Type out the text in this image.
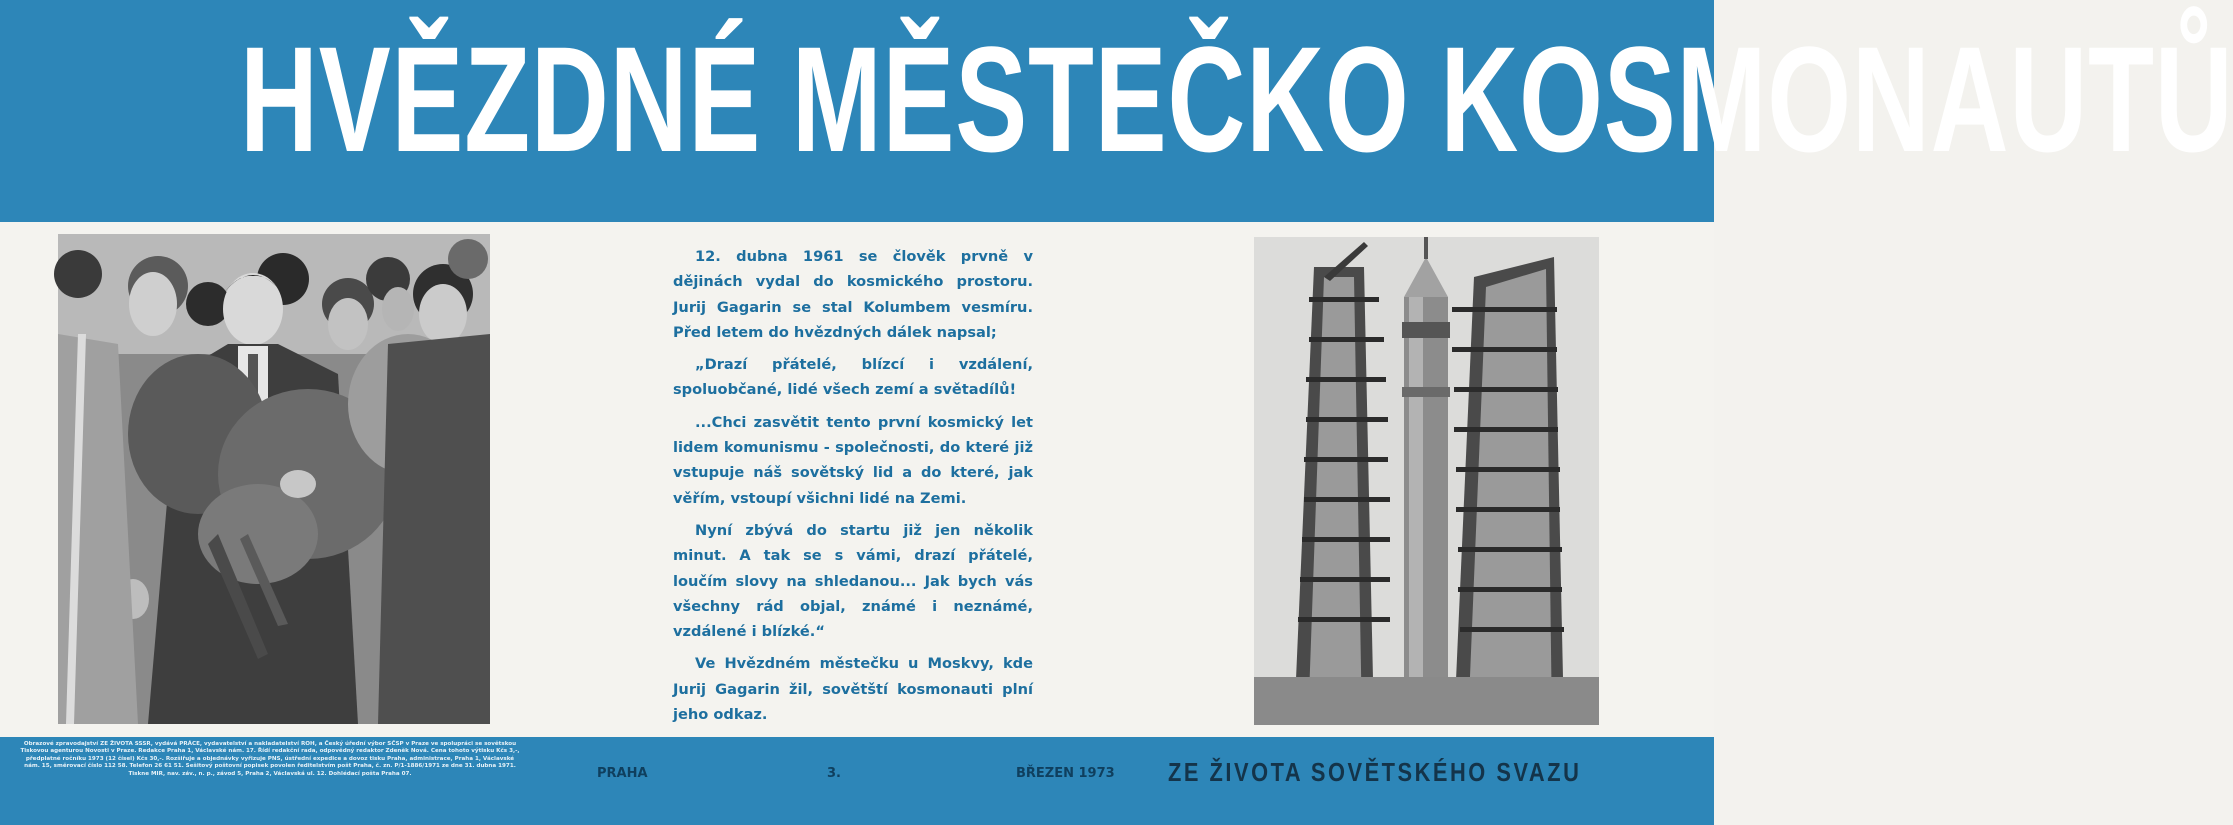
HVĚZDNÉ MĚSTEČKO KOSMONAUTŮ

12. dubna 1961 se člověk prvně v dějinách vydal do kosmického prostoru. Jurij Gagarin se stal Kolumbem vesmíru. Před letem do hvězdných dálek napsal;

„Drazí přátelé, blízcí i vzdálení, spoluobčané, lidé všech zemí a světadílů!

...Chci zasvětit tento první kosmický let lidem komunismu - společnosti, do které již vstupuje náš sovětský lid a do které, jak věřím, vstoupí všichni lidé na Zemi.

Nyní zbývá do startu již jen několik minut. A tak se s vámi, drazí přátelé, loučím slovy na shledanou... Jak bych vás všechny rád objal, známé i neznámé, vzdálené i blízké.“

Ve Hvězdném městečku u Moskvy, kde Jurij Gagarin žil, sovětští kosmonauti plní jeho odkaz.

Obrazové zpravodajství ZE ŽIVOTA SSSR, vydává PRÁCE, vydavatelství a nakladatelství ROH, a Český úřední výbor SČSP v Praze ve spolupráci se sovětskou Tiskovou agenturou Novosti v Praze. Redakce Praha 1, Václavské nám. 17. Řídí redakční rada, odpovědný redaktor Zdeněk Nová. Cena tohoto výtisku Kčs 3,-, předplatné ročníku 1973 (12 čísel) Kčs 30,-. Rozšiřuje a objednávky vyřizuje PNS, ústřední expedice a dovoz tisku Praha, administrace, Praha 1, Václavské nám. 15, směrovací číslo 112 58. Telefon 26 61 51. Sešitový poštovní popisek povolen ředitelstvím pošt Praha, č. zn. P/1-1886/1971 ze dne 31. dubna 1971. Tiskne MIR, nav. záv., n. p., závod 5, Praha 2, Václavská ul. 12. Dohlédací pošta Praha 07.	PRAHA	3.	BŘEZEN 1973 ZE ŽIVOTA SOVĚTSKÉHO SVAZU
